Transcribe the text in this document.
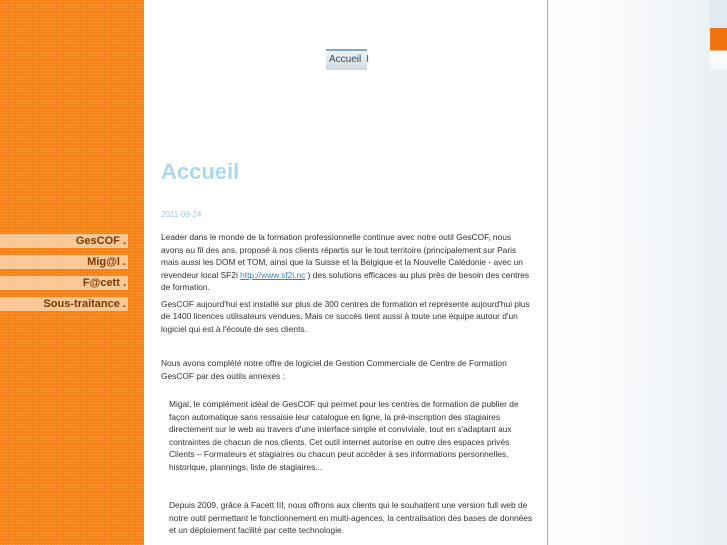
GesCOF .
Mig@l .
F@cett .
Sous-traitance .
Accueil I
Accueil
2011-09-24

Leader dans le monde de la formation professionnelle continue avec notre outil GesCOF, nous avons au fil des ans, proposé à nos clients répartis sur le tout territoire (principalement sur Paris mais aussi les DOM et TOM, ainsi que la Suisse et la Belgique et la Nouvelle Calédonie - avec un revendeur local SF2i http://www.sf2i.nc ) des solutions efficaces au plus près de besoin des centres de formation.

GesCOF aujourd'hui est installé sur plus de 300 centres de formation et représente aujourd'hui plus de 1400 licences utilisateurs vendues. Mais ce succès tient aussi à toute une équipe autour d'un logiciel qui est à l'écoute de ses clients.

Nous avons complété notre offre de logiciel de Gestion Commerciale de Centre de Formation GesCOF par des outils annexes :

Migal, le complément idéal de GesCOF qui permet pour les centres de formation de publier de façon automatique sans ressaisie leur catalogue en ligne, la pré-inscription des stagiaires directement sur le web au travers d'une interface simple et conviviale, tout en s'adaptant aux contraintes de chacun de nos clients. Cet outil internet autorise en outre des espaces privés Clients – Formateurs et stagiaires ou chacun peut accéder à ses informations personnelles, historique, plannings, liste de stagiaires...

Depuis 2009, grâce à Facett III, nous offrons aux clients qui le souhaitent une version full web de notre outil permettant le fonctionnement en multi-agences, la centralisation des bases de données et un déploiement facilité par cette technologie.
